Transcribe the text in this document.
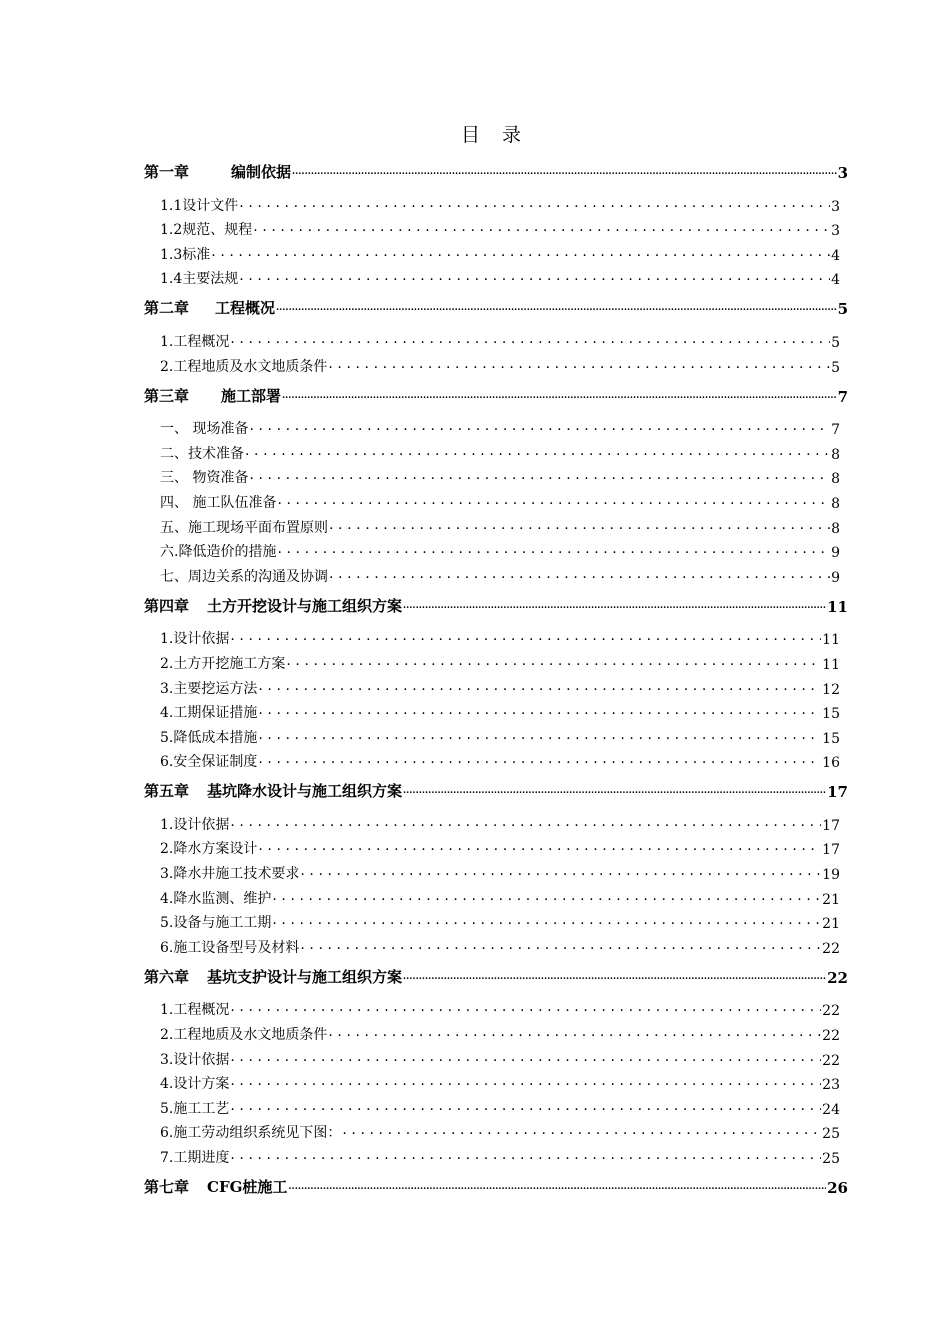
目 录
第一章	编制依据 .....	3
1.1设计文件 .....	3
1.2规范、规程 .....	3
1.3标准 .....	4
1.4主要法规 .....	4
第二章 工程概况 .....	5
1.工程概况 .....	5
2.工程地质及水文地质条件 .....	5
第三章 施工部署 .....	7
一、 现场准备 .....	7
二、技术准备 .....	8
三、 物资准备 .....	8
四、 施工队伍准备 .....	8
五、施工现场平面布置原则 .....	8
六.降低造价的措施 .....	9
七、周边关系的沟通及协调 .....	9
第四章 土方开挖设计与施工组织方案 .....	11
1.设计依据 .....	11
2.土方开挖施工方案 .....	11
3.主要挖运方法 .....	12
4.工期保证措施 .....	15
5.降低成本措施 .....	15
6.安全保证制度 .....	16
第五章 基坑降水设计与施工组织方案 .....	17
1.设计依据 .....	17
2.降水方案设计 .....	17
3.降水井施工技术要求 .....	19
4.降水监测、维护 .....	21
5.设备与施工工期 .....	21
6.施工设备型号及材料 .....	22
第六章 基坑支护设计与施工组织方案 .....	22
1.工程概况 .....	22
2.工程地质及水文地质条件 .....	22
3.设计依据 .....	22
4.设计方案 .....	23
5.施工工艺 .....	24
6.施工劳动组织系统见下图： .....	25
7.工期进度 .....	25
第七章 CFG桩施工 .....	26
